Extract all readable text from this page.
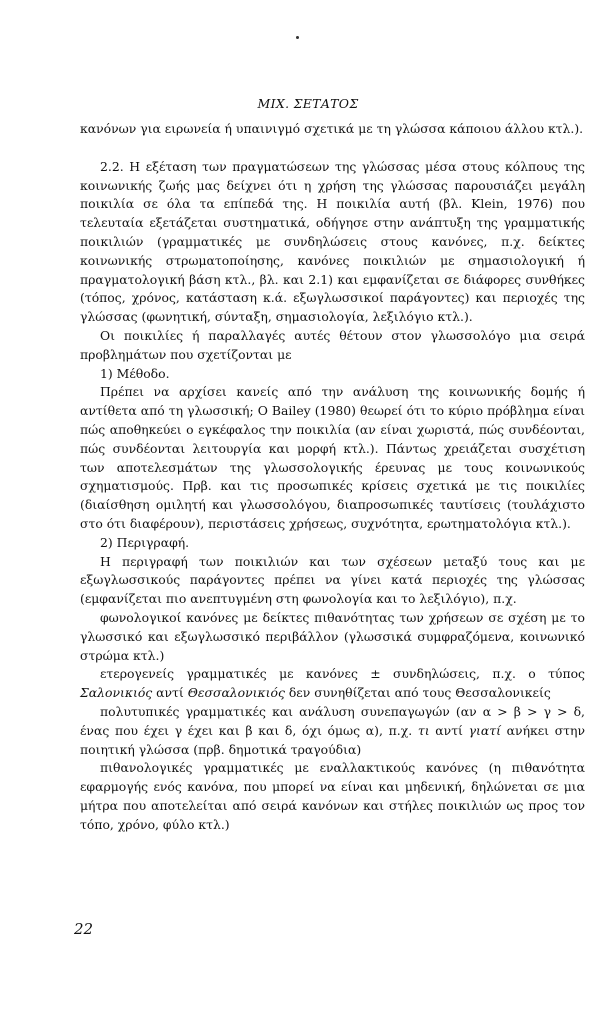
ΜΙΧ. ΣΕΤΑΤΟΣ

κανόνων για ειρωνεία ή υπαινιγμό σχετικά με τη γλώσσα κάποιου άλλου κτλ.).

2.2. Η εξέταση των πραγματώσεων της γλώσσας μέσα στους κόλπους της κοινωνικής ζωής μας δείχνει ότι η χρήση της γλώσσας παρουσιάζει μεγάλη ποικιλία σε όλα τα επίπεδά της. Η ποικιλία αυτή (βλ. Klein, 1976) που τελευταία εξετάζεται συστηματικά, οδήγησε στην ανάπτυξη της γραμματικής ποικιλιών (γραμματικές με συνδηλώσεις στους κανόνες, π.χ. δείκτες κοινωνικής στρωματοποίησης, κανόνες ποικιλιών με σημασιολογική ή πραγματολογική βάση κτλ., βλ. και 2.1) και εμφανίζεται σε διάφορες συνθήκες (τόπος, χρόνος, κατάσταση κ.ά. εξωγλωσσικοί παράγοντες) και περιοχές της γλώσσας (φωνητική, σύνταξη, σημασιολογία, λεξιλόγιο κτλ.).

Οι ποικιλίες ή παραλλαγές αυτές θέτουν στον γλωσσολόγο μια σειρά προβλημάτων που σχετίζονται με

1) Μέθοδο.

Πρέπει να αρχίσει κανείς από την ανάλυση της κοινωνικής δομής ή αντίθετα από τη γλωσσική; O Bailey (1980) θεωρεί ότι το κύριο πρόβλημα είναι πώς αποθηκεύει ο εγκέφαλος την ποικιλία (αν είναι χωριστά, πώς συνδέονται, πώς συνδέονται λειτουργία και μορφή κτλ.). Πάντως χρειάζεται συσχέτιση των αποτελεσμάτων της γλωσσολογικής έρευνας με τους κοινωνικούς σχηματισμούς. Πρβ. και τις προσωπικές κρίσεις σχετικά με τις ποικιλίες (διαίσθηση ομιλητή και γλωσσολόγου, διαπροσωπικές ταυτίσεις (τουλάχιστο στο ότι διαφέρουν), περιστάσεις χρήσεως, συχνότητα, ερωτηματολόγια κτλ.).

2) Περιγραφή.

Η περιγραφή των ποικιλιών και των σχέσεων μεταξύ τους και με εξωγλωσσικούς παράγοντες πρέπει να γίνει κατά περιοχές της γλώσσας (εμφανίζεται πιο ανεπτυγμένη στη φωνολογία και το λεξιλόγιο), π.χ.

φωνολογικοί κανόνες με δείκτες πιθανότητας των χρήσεων σε σχέση με το γλωσσικό και εξωγλωσσικό περιβάλλον (γλωσσικά συμφραζόμενα, κοινωνικό στρώμα κτλ.)

ετερογενείς γραμματικές με κανόνες ± συνδηλώσεις, π.χ. ο τύπος Σαλονικιός αντί Θεσσαλονικιός δεν συνηθίζεται από τους Θεσσαλονικείς

πολυτυπικές γραμματικές και ανάλυση συνεπαγωγών (αν α > β > γ > δ, ένας που έχει γ έχει και β και δ, όχι όμως α), π.χ. τι αντί γιατί ανήκει στην ποιητική γλώσσα (πρβ. δημοτικά τραγούδια)

πιθανολογικές γραμματικές με εναλλακτικούς κανόνες (η πιθανότητα εφαρμογής ενός κανόνα, που μπορεί να είναι και μηδενική, δηλώνεται σε μια μήτρα που αποτελείται από σειρά κανόνων και στήλες ποικιλιών ως προς τον τόπο, χρόνο, φύλο κτλ.)

22
